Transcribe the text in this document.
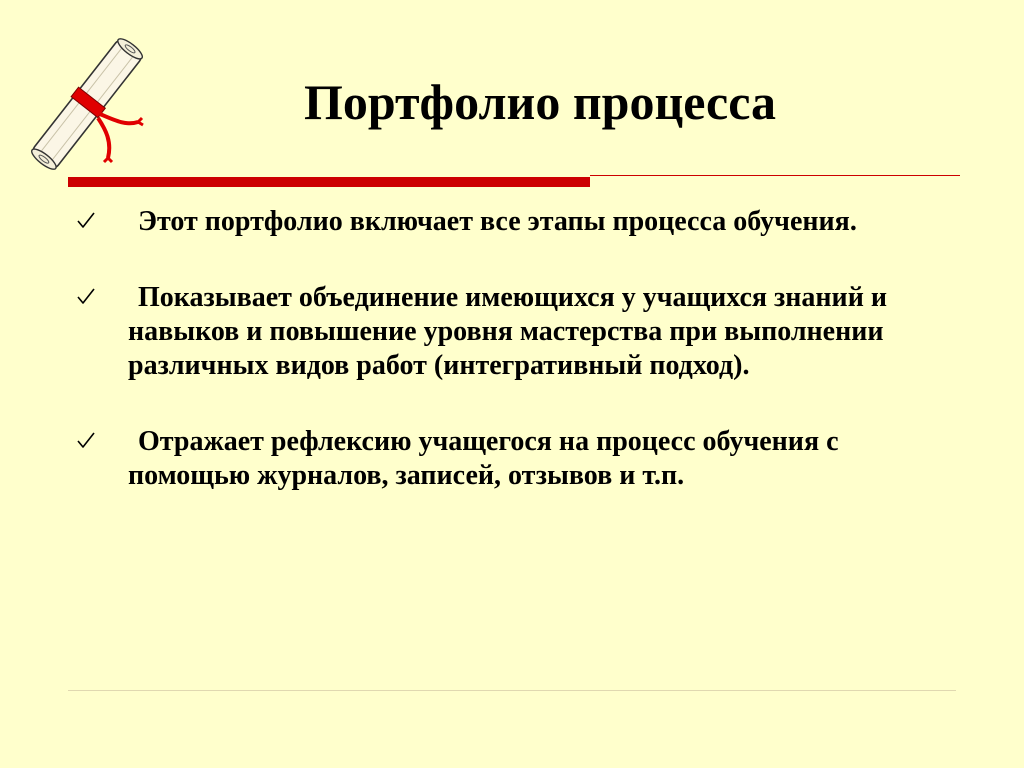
Портфолио процесса
Этот портфолио включает все этапы процесса обучения.
Показывает объединение имеющихся у учащихся знаний и навыков и повышение уровня мастерства при выполнении различных видов работ (интегративный подход).
Отражает рефлексию учащегося на процесс обучения с помощью журналов, записей, отзывов и т.п.
